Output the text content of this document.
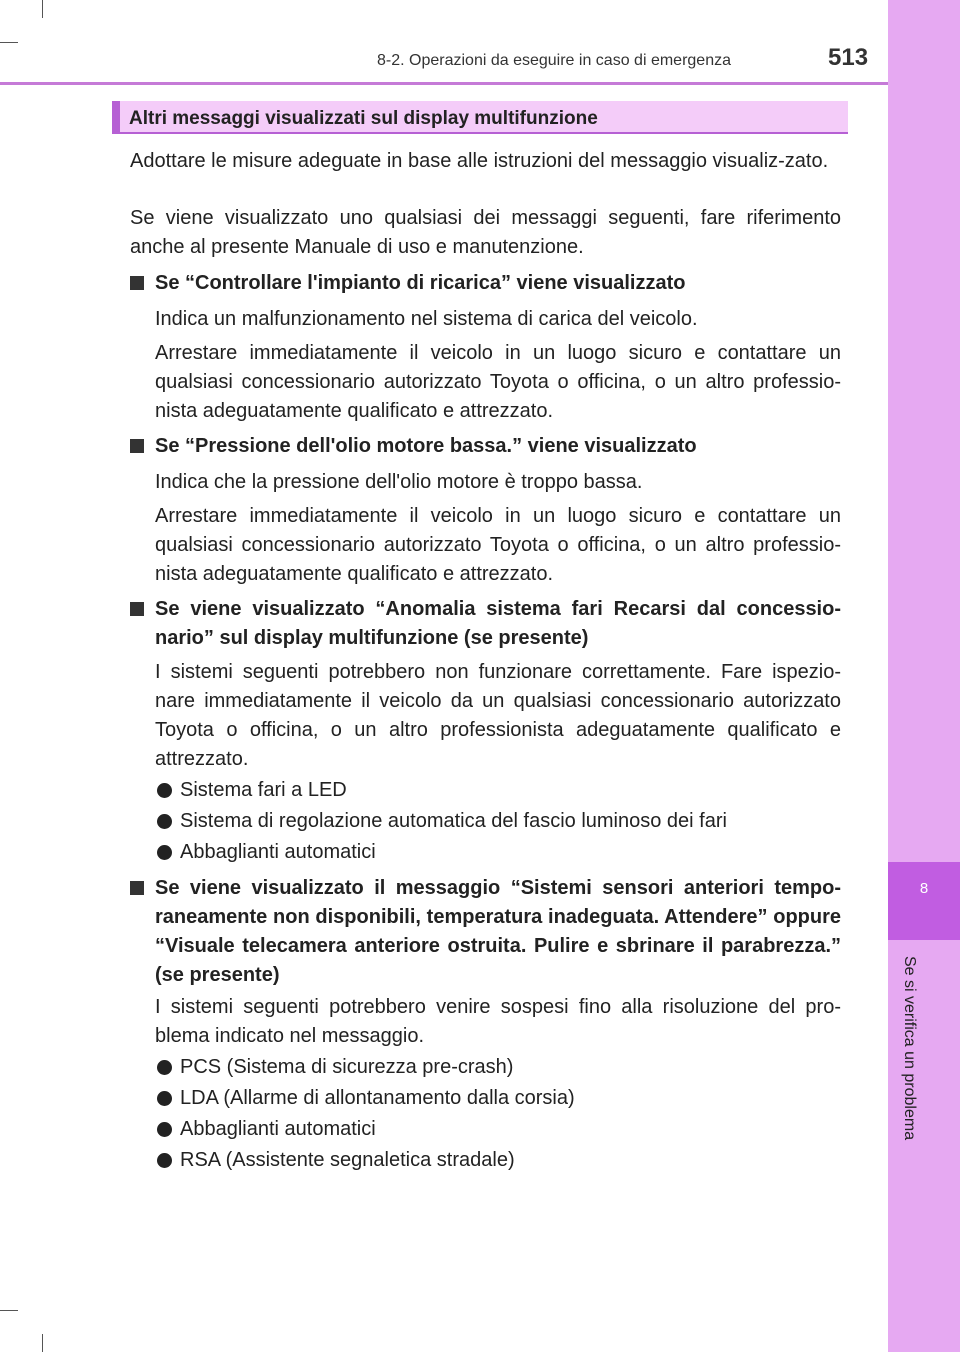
8-2. Operazioni da eseguire in caso di emergenza	513
8
Se si verifica un problema
Altri messaggi visualizzati sul display multifunzione

Adottare le misure adeguate in base alle istruzioni del messaggio visualiz-zato.

Se viene visualizzato uno qualsiasi dei messaggi seguenti, fare riferimento anche al presente Manuale di uso e manutenzione.

Se “Controllare l'impianto di ricarica” viene visualizzato

Indica un malfunzionamento nel sistema di carica del veicolo.

Arrestare immediatamente il veicolo in un luogo sicuro e contattare un qualsiasi concessionario autorizzato Toyota o officina, o un altro professio-nista adeguatamente qualificato e attrezzato.

Se “Pressione dell'olio motore bassa.” viene visualizzato

Indica che la pressione dell'olio motore è troppo bassa.

Arrestare immediatamente il veicolo in un luogo sicuro e contattare un qualsiasi concessionario autorizzato Toyota o officina, o un altro professio-nista adeguatamente qualificato e attrezzato.

Se viene visualizzato “Anomalia sistema fari Recarsi dal concessio-nario” sul display multifunzione (se presente)

I sistemi seguenti potrebbero non funzionare correttamente. Fare ispezio-nare immediatamente il veicolo da un qualsiasi concessionario autorizzato Toyota o officina, o un altro professionista adeguatamente qualificato e attrezzato.

Sistema fari a LED
Sistema di regolazione automatica del fascio luminoso dei fari
Abbaglianti automatici
Se viene visualizzato il messaggio “Sistemi sensori anteriori tempo-raneamente non disponibili, temperatura inadeguata. Attendere” oppure “Visuale telecamera anteriore ostruita. Pulire e sbrinare il parabrezza.” (se presente)

I sistemi seguenti potrebbero venire sospesi fino alla risoluzione del pro-blema indicato nel messaggio.

PCS (Sistema di sicurezza pre-crash)
LDA (Allarme di allontanamento dalla corsia)
Abbaglianti automatici
RSA (Assistente segnaletica stradale)
